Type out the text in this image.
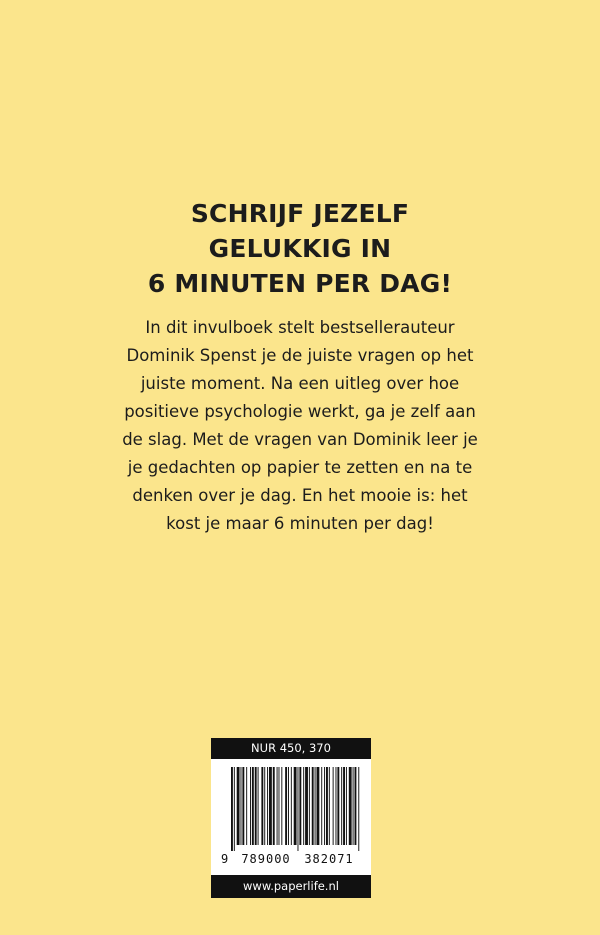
SCHRIJF JEZELF
GELUKKIG IN
6 MINUTEN PER DAG!
In dit invulboek stelt bestsellerauteur
Dominik Spenst je de juiste vragen op het
juiste moment. Na een uitleg over hoe
positieve psychologie werkt, ga je zelf aan
de slag. Met de vragen van Dominik leer je
je gedachten op papier te zetten en na te
denken over je dag. En het mooie is: het
kost je maar 6 minuten per dag!
NUR 450, 370
9 789000 382071
www.paperlife.nl
